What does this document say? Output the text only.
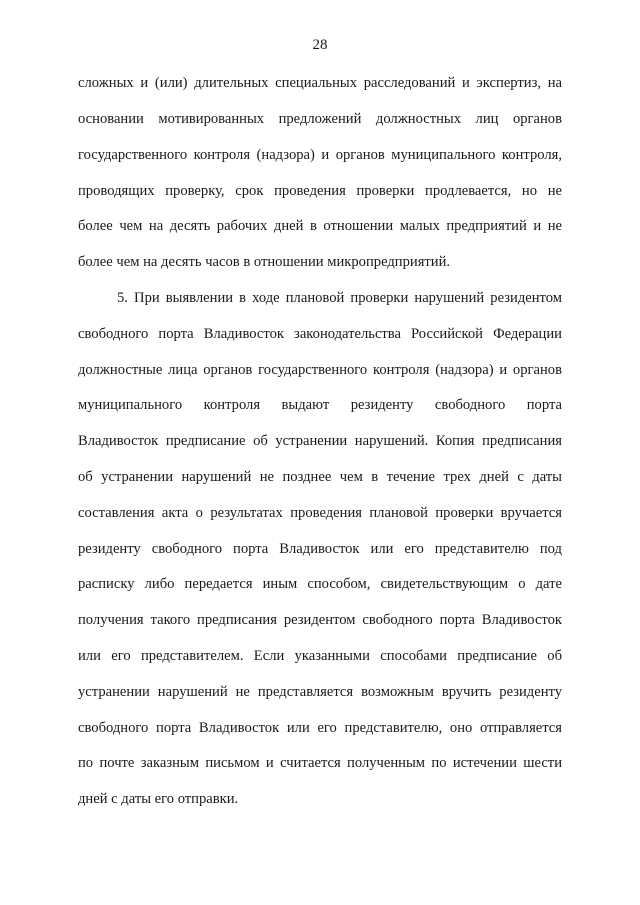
28
сложных и (или) длительных специальных расследований и экспертиз, на
основании мотивированных предложений должностных лиц органов
государственного контроля (надзора) и органов муниципального контроля,
проводящих проверку, срок проведения проверки продлевается, но не
более чем на десять рабочих дней в отношении малых предприятий и не
более чем на десять часов в отношении микропредприятий.
5. При выявлении в ходе плановой проверки нарушений резидентом
свободного порта Владивосток законодательства Российской Федерации
должностные лица органов государственного контроля (надзора) и органов
муниципального контроля выдают резиденту свободного порта
Владивосток предписание об устранении нарушений. Копия предписания
об устранении нарушений не позднее чем в течение трех дней с даты
составления акта о результатах проведения плановой проверки вручается
резиденту свободного порта Владивосток или его представителю под
расписку либо передается иным способом, свидетельствующим о дате
получения такого предписания резидентом свободного порта Владивосток
или его представителем. Если указанными способами предписание об
устранении нарушений не представляется возможным вручить резиденту
свободного порта Владивосток или его представителю, оно отправляется
по почте заказным письмом и считается полученным по истечении шести
дней с даты его отправки.
